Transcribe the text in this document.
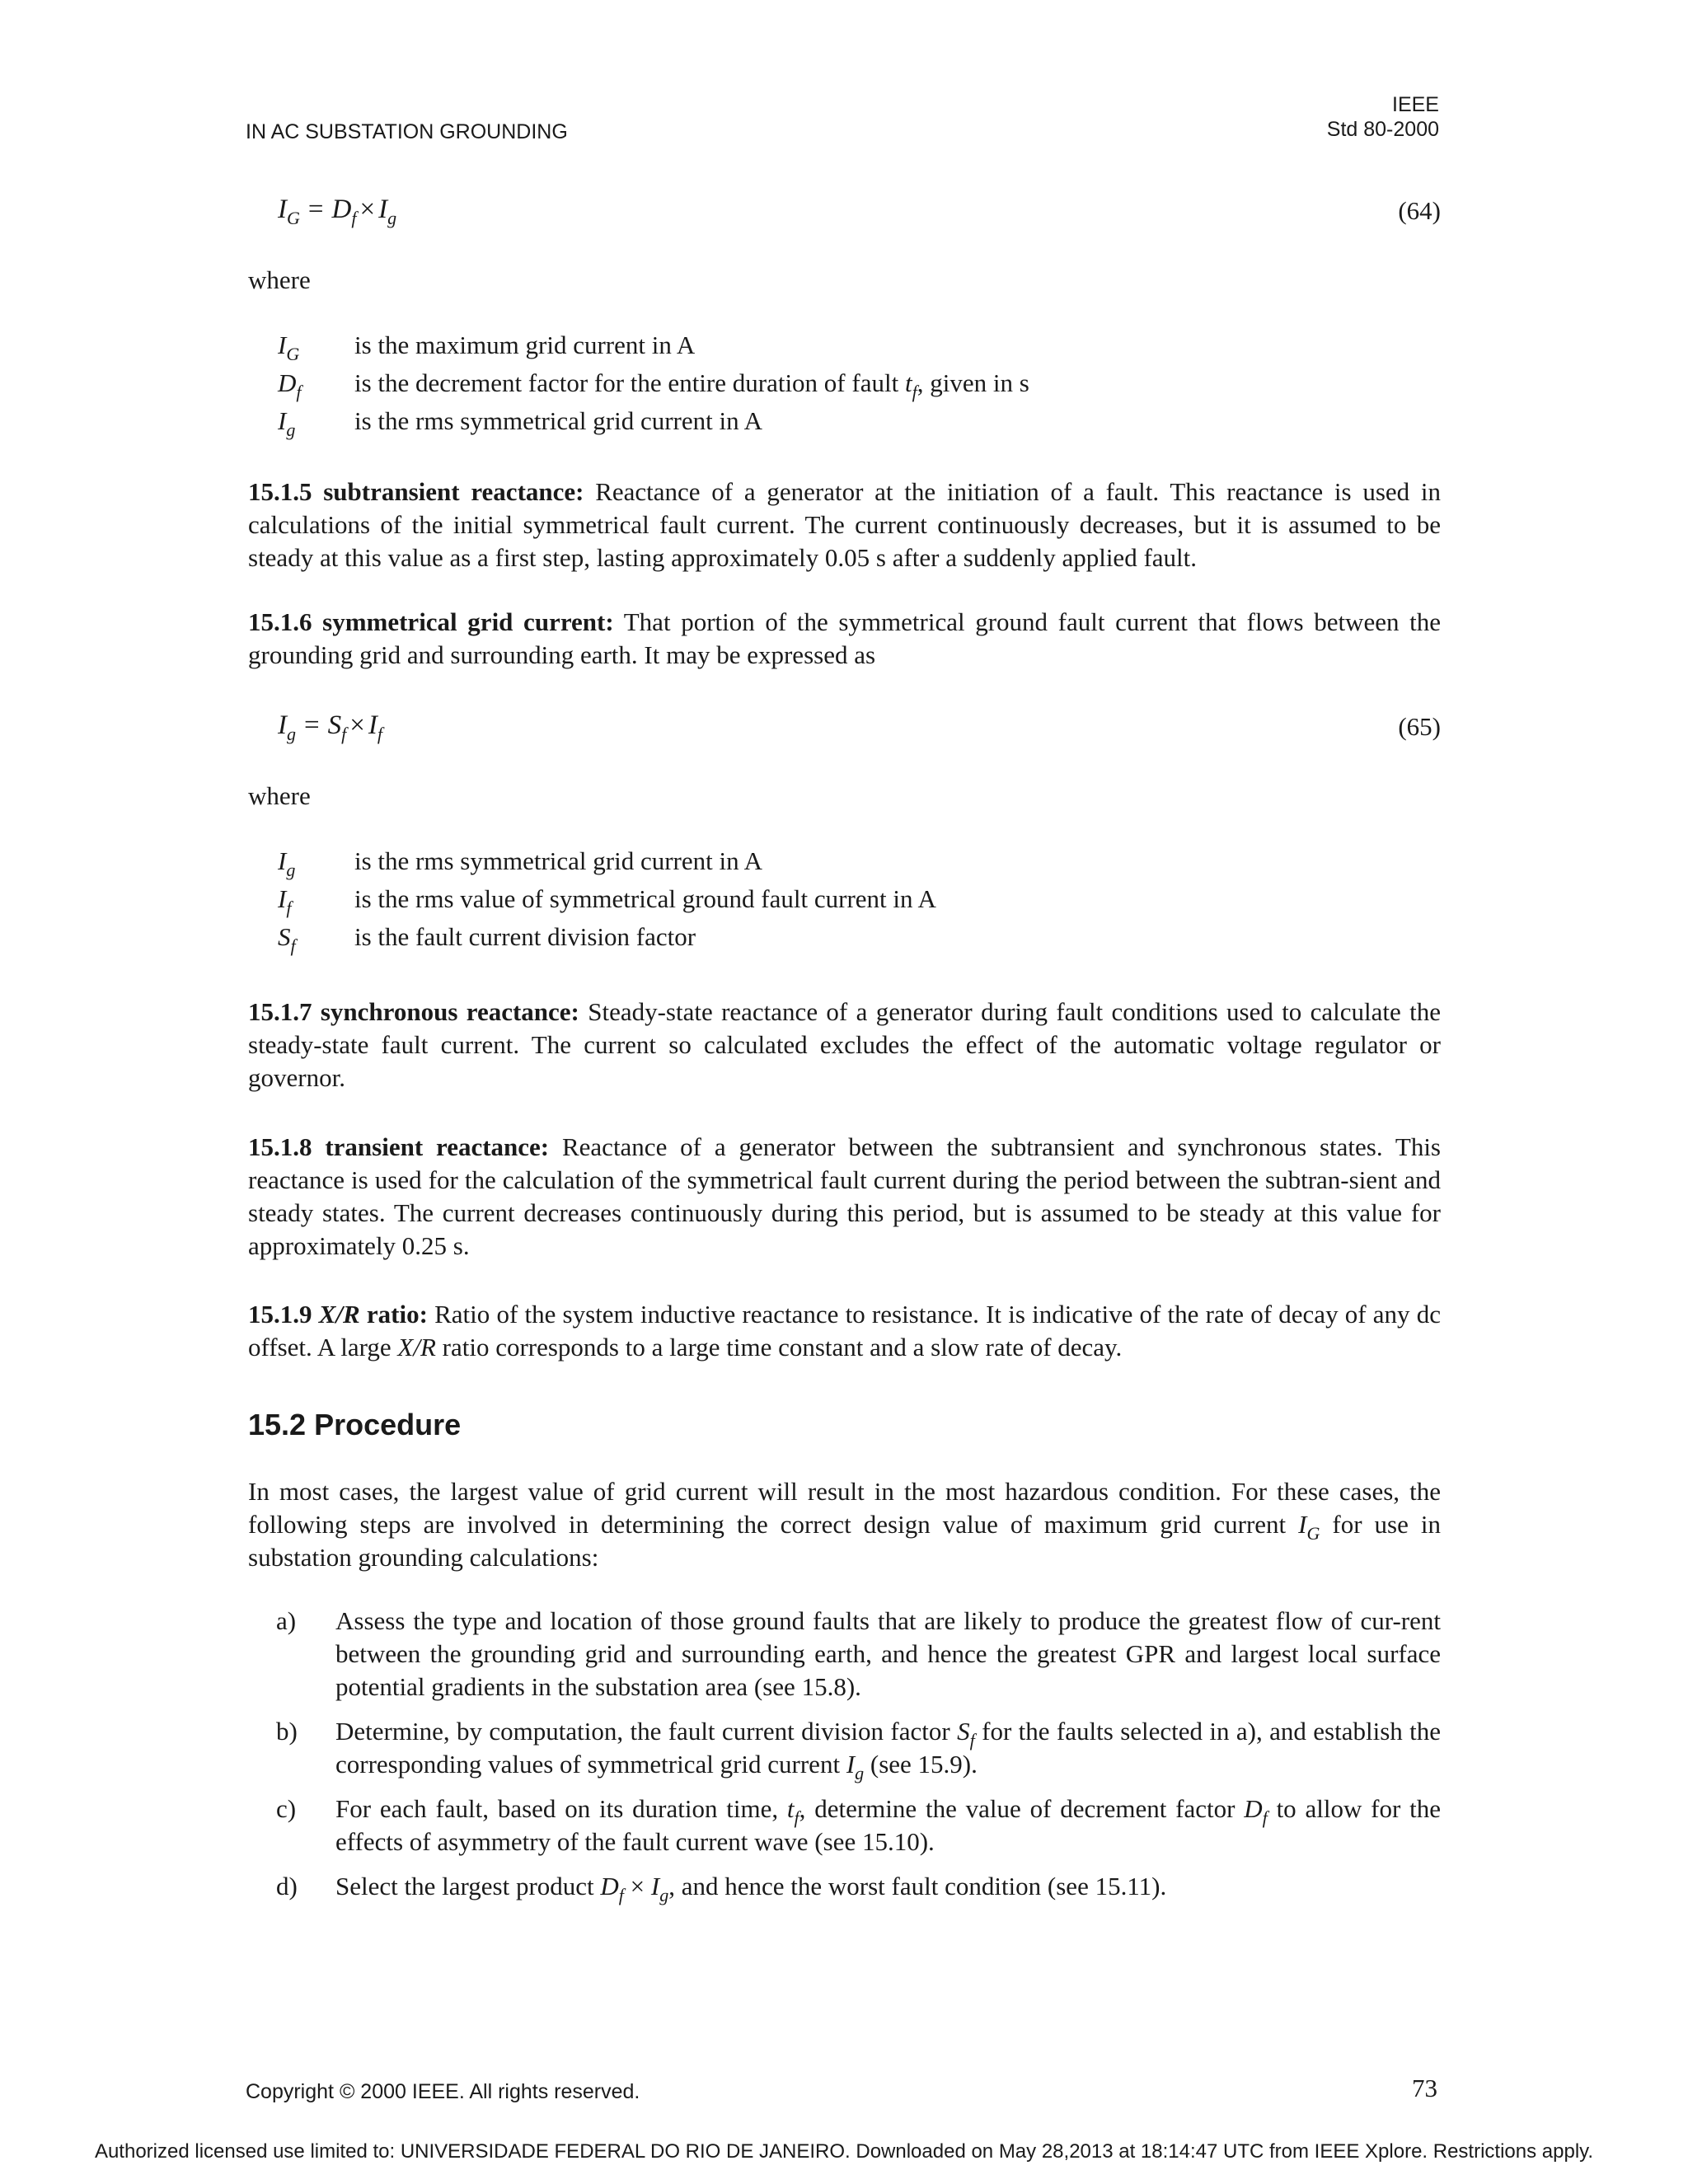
IN AC SUBSTATION GROUNDING
IEEE
Std 80-2000
$I_G = D_f \times I_g$	(64)
where
$I_G$ is the maximum grid current in A
$D_f$ is the decrement factor for the entire duration of fault $t_f$, given in s
$I_g$ is the rms symmetrical grid current in A
15.1.5 subtransient reactance: Reactance of a generator at the initiation of a fault. This reactance is used in calculations of the initial symmetrical fault current. The current continuously decreases, but it is assumed to be steady at this value as a first step, lasting approximately 0.05 s after a suddenly applied fault.
15.1.6 symmetrical grid current: That portion of the symmetrical ground fault current that flows between the grounding grid and surrounding earth. It may be expressed as
$I_g = S_f \times I_f$	(65)
where
$I_g$ is the rms symmetrical grid current in A
$I_f$ is the rms value of symmetrical ground fault current in A
$S_f$ is the fault current division factor
15.1.7 synchronous reactance: Steady-state reactance of a generator during fault conditions used to calculate the steady-state fault current. The current so calculated excludes the effect of the automatic voltage regulator or governor.
15.1.8 transient reactance: Reactance of a generator between the subtransient and synchronous states. This reactance is used for the calculation of the symmetrical fault current during the period between the subtran-sient and steady states. The current decreases continuously during this period, but is assumed to be steady at this value for approximately 0.25 s.
15.1.9 X/R ratio: Ratio of the system inductive reactance to resistance. It is indicative of the rate of decay of any dc offset. A large X/R ratio corresponds to a large time constant and a slow rate of decay.
15.2 Procedure
In most cases, the largest value of grid current will result in the most hazardous condition. For these cases, the following steps are involved in determining the correct design value of maximum grid current $I_G$ for use in substation grounding calculations:
a) Assess the type and location of those ground faults that are likely to produce the greatest flow of cur-rent between the grounding grid and surrounding earth, and hence the greatest GPR and largest local surface potential gradients in the substation area (see 15.8).
b) Determine, by computation, the fault current division factor $S_f$ for the faults selected in a), and establish the corresponding values of symmetrical grid current $I_g$ (see 15.9).
c) For each fault, based on its duration time, $t_f$, determine the value of decrement factor $D_f$ to allow for the effects of asymmetry of the fault current wave (see 15.10).
d) Select the largest product $D_f \times I_g$, and hence the worst fault condition (see 15.11).
Copyright © 2000 IEEE. All rights reserved.	73
Authorized licensed use limited to: UNIVERSIDADE FEDERAL DO RIO DE JANEIRO. Downloaded on May 28,2013 at 18:14:47 UTC from IEEE Xplore. Restrictions apply.
